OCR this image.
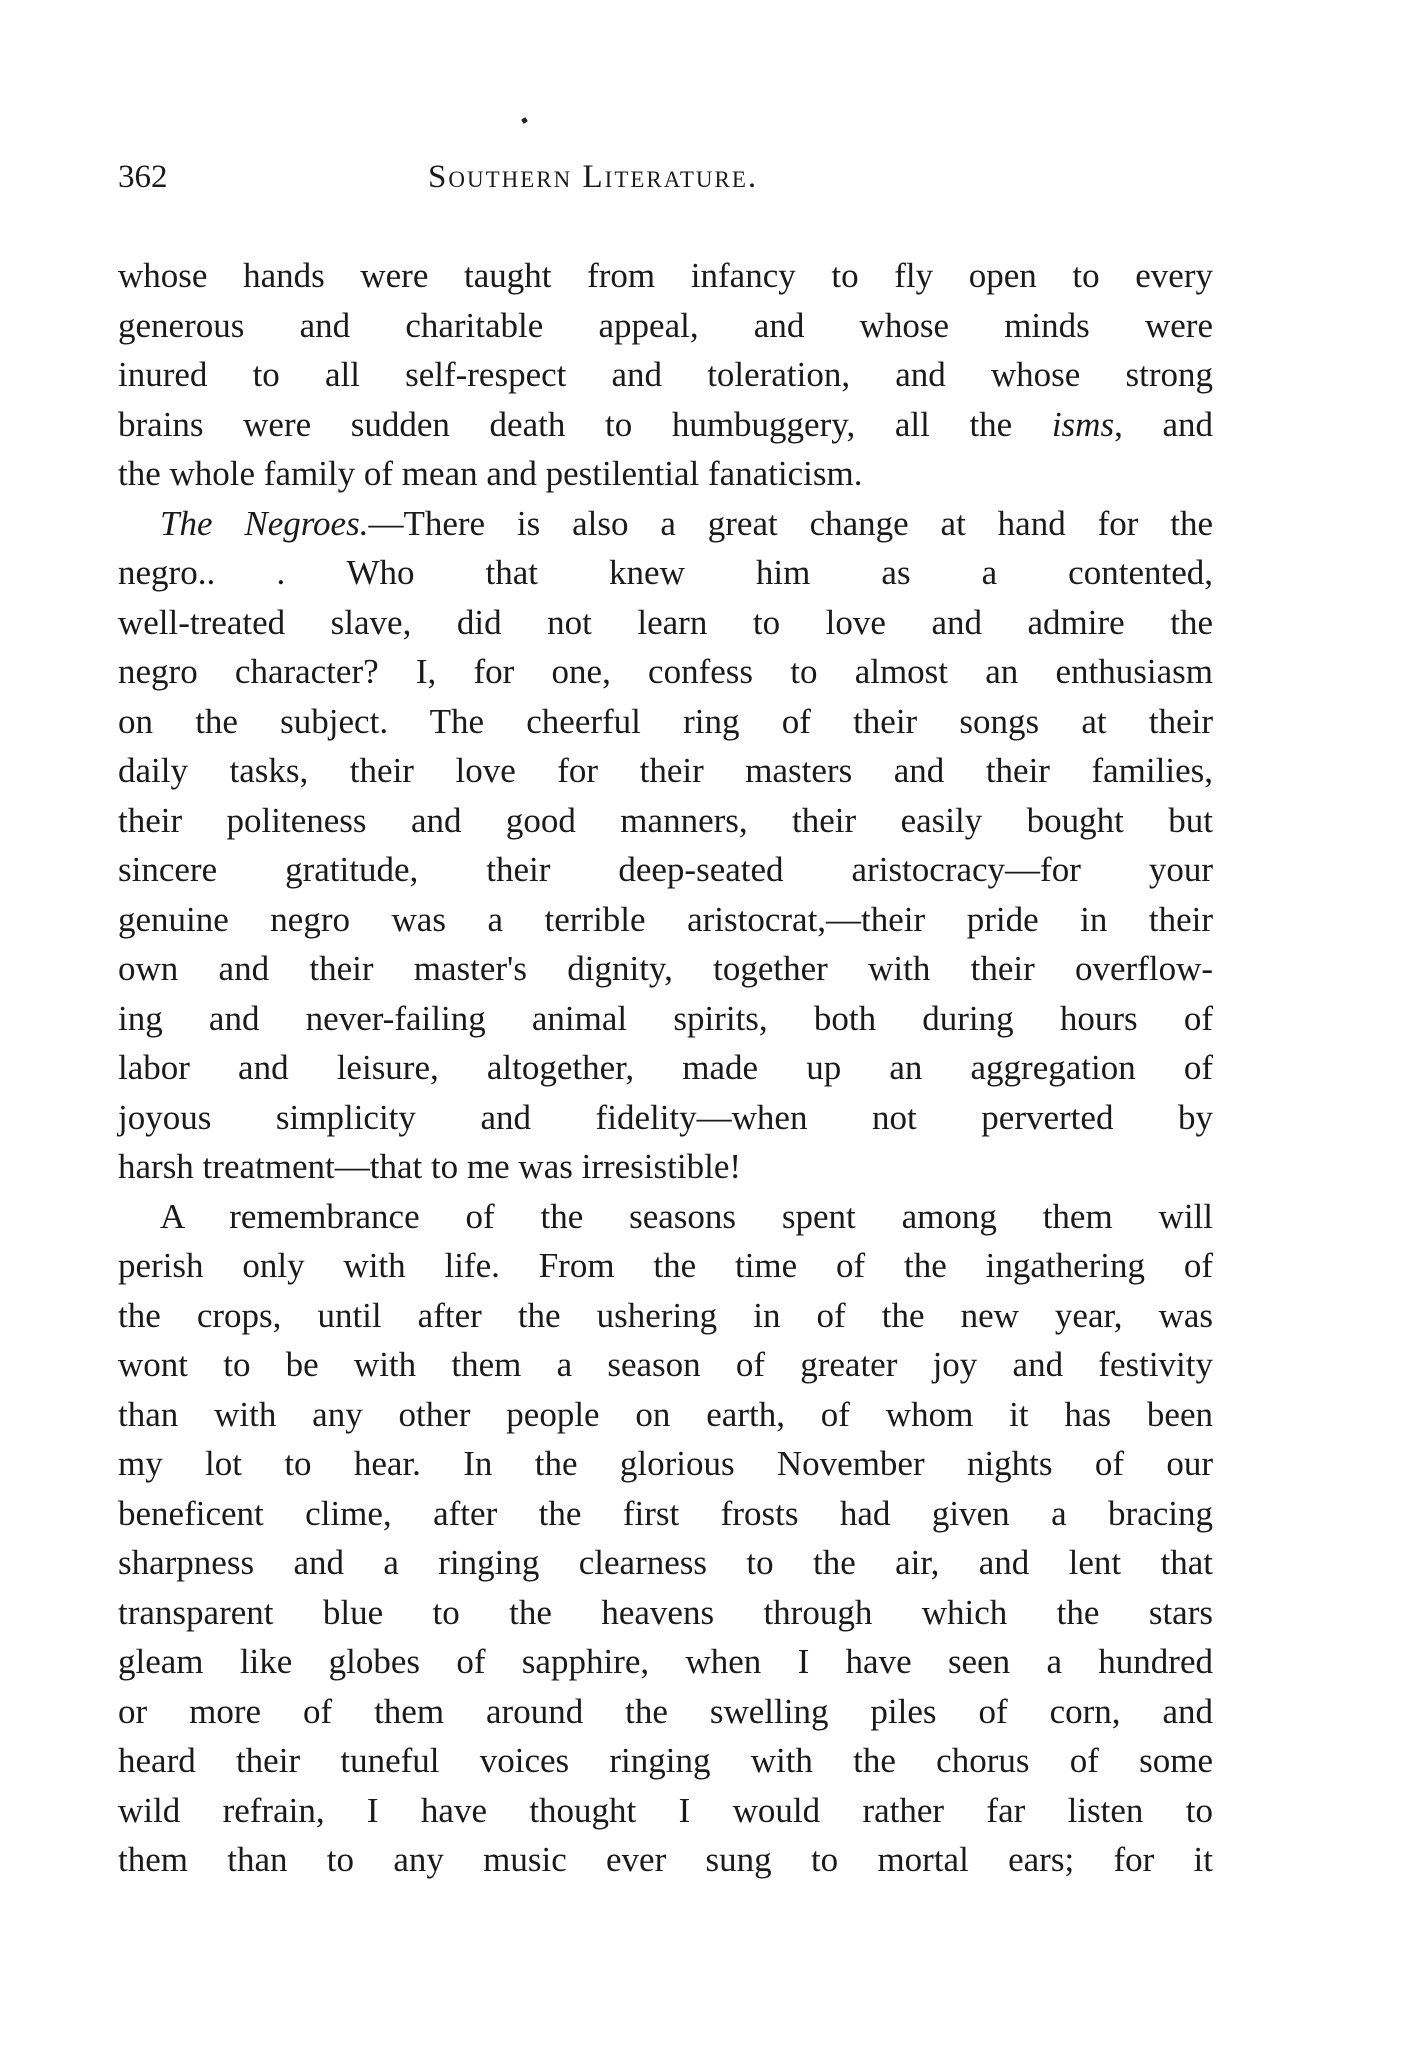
362	Southern Literature.
whose hands were taught from infancy to fly open to every
generous and charitable appeal, and whose minds were
inured to all self-respect and toleration, and whose strong
brains were sudden death to humbuggery, all the isms, and
the whole family of mean and pestilential fanaticism.
The Negroes.—There is also a great change at hand for the
negro.. . Who that knew him as a contented,
well-treated slave, did not learn to love and admire the
negro character? I, for one, confess to almost an enthusiasm
on the subject. The cheerful ring of their songs at their
daily tasks, their love for their masters and their families,
their politeness and good manners, their easily bought but
sincere gratitude, their deep-seated aristocracy—for your
genuine negro was a terrible aristocrat,—their pride in their
own and their master's dignity, together with their overflow-
ing and never-failing animal spirits, both during hours of
labor and leisure, altogether, made up an aggregation of
joyous simplicity and fidelity—when not perverted by
harsh treatment—that to me was irresistible!
A remembrance of the seasons spent among them will
perish only with life. From the time of the ingathering of
the crops, until after the ushering in of the new year, was
wont to be with them a season of greater joy and festivity
than with any other people on earth, of whom it has been
my lot to hear. In the glorious November nights of our
beneficent clime, after the first frosts had given a bracing
sharpness and a ringing clearness to the air, and lent that
transparent blue to the heavens through which the stars
gleam like globes of sapphire, when I have seen a hundred
or more of them around the swelling piles of corn, and
heard their tuneful voices ringing with the chorus of some
wild refrain, I have thought I would rather far listen to
them than to any music ever sung to mortal ears; for it
